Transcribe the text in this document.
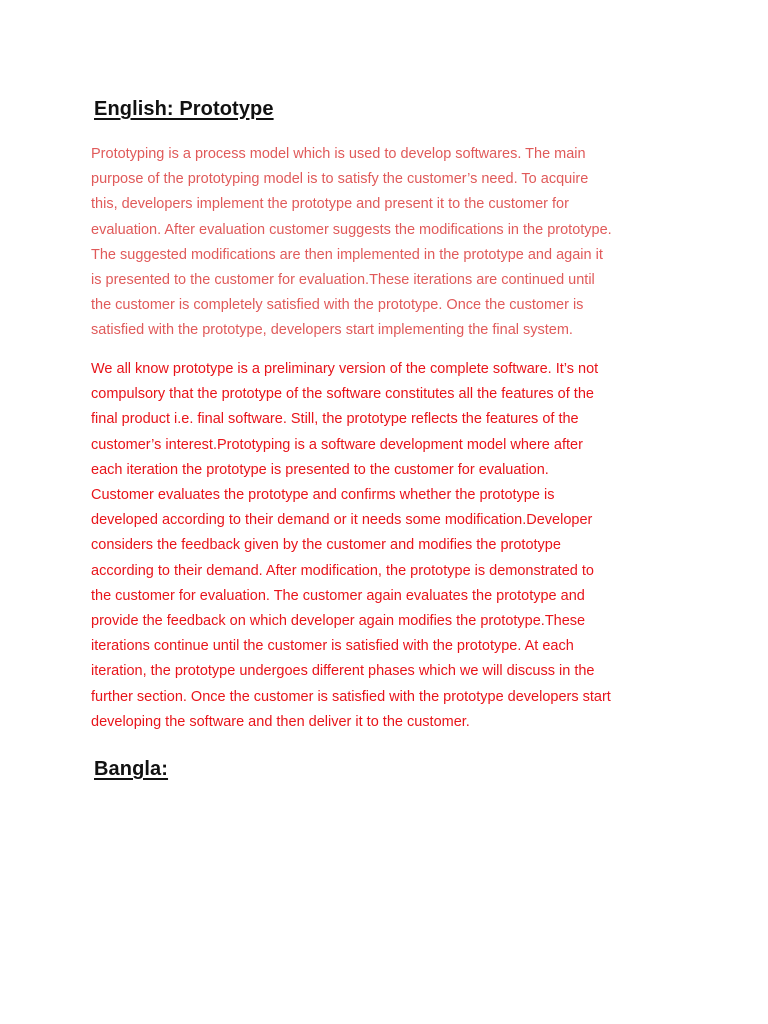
English: Prototype

Prototyping is a process model which is used to develop softwares. The main
purpose of the prototyping model is to satisfy the customer’s need. To acquire
this, developers implement the prototype and present it to the customer for
evaluation. After evaluation customer suggests the modifications in the prototype.
The suggested modifications are then implemented in the prototype and again it
is presented to the customer for evaluation.These iterations are continued until
the customer is completely satisfied with the prototype. Once the customer is
satisfied with the prototype, developers start implementing the final system.

We all know prototype is a preliminary version of the complete software. It’s not
compulsory that the prototype of the software constitutes all the features of the
final product i.e. final software. Still, the prototype reflects the features of the
customer’s interest.Prototyping is a software development model where after
each iteration the prototype is presented to the customer for evaluation.
Customer evaluates the prototype and confirms whether the prototype is
developed according to their demand or it needs some modification.Developer
considers the feedback given by the customer and modifies the prototype
according to their demand. After modification, the prototype is demonstrated to
the customer for evaluation. The customer again evaluates the prototype and
provide the feedback on which developer again modifies the prototype.These
iterations continue until the customer is satisfied with the prototype. At each
iteration, the prototype undergoes different phases which we will discuss in the
further section. Once the customer is satisfied with the prototype developers start
developing the software and then deliver it to the customer.

Bangla:
